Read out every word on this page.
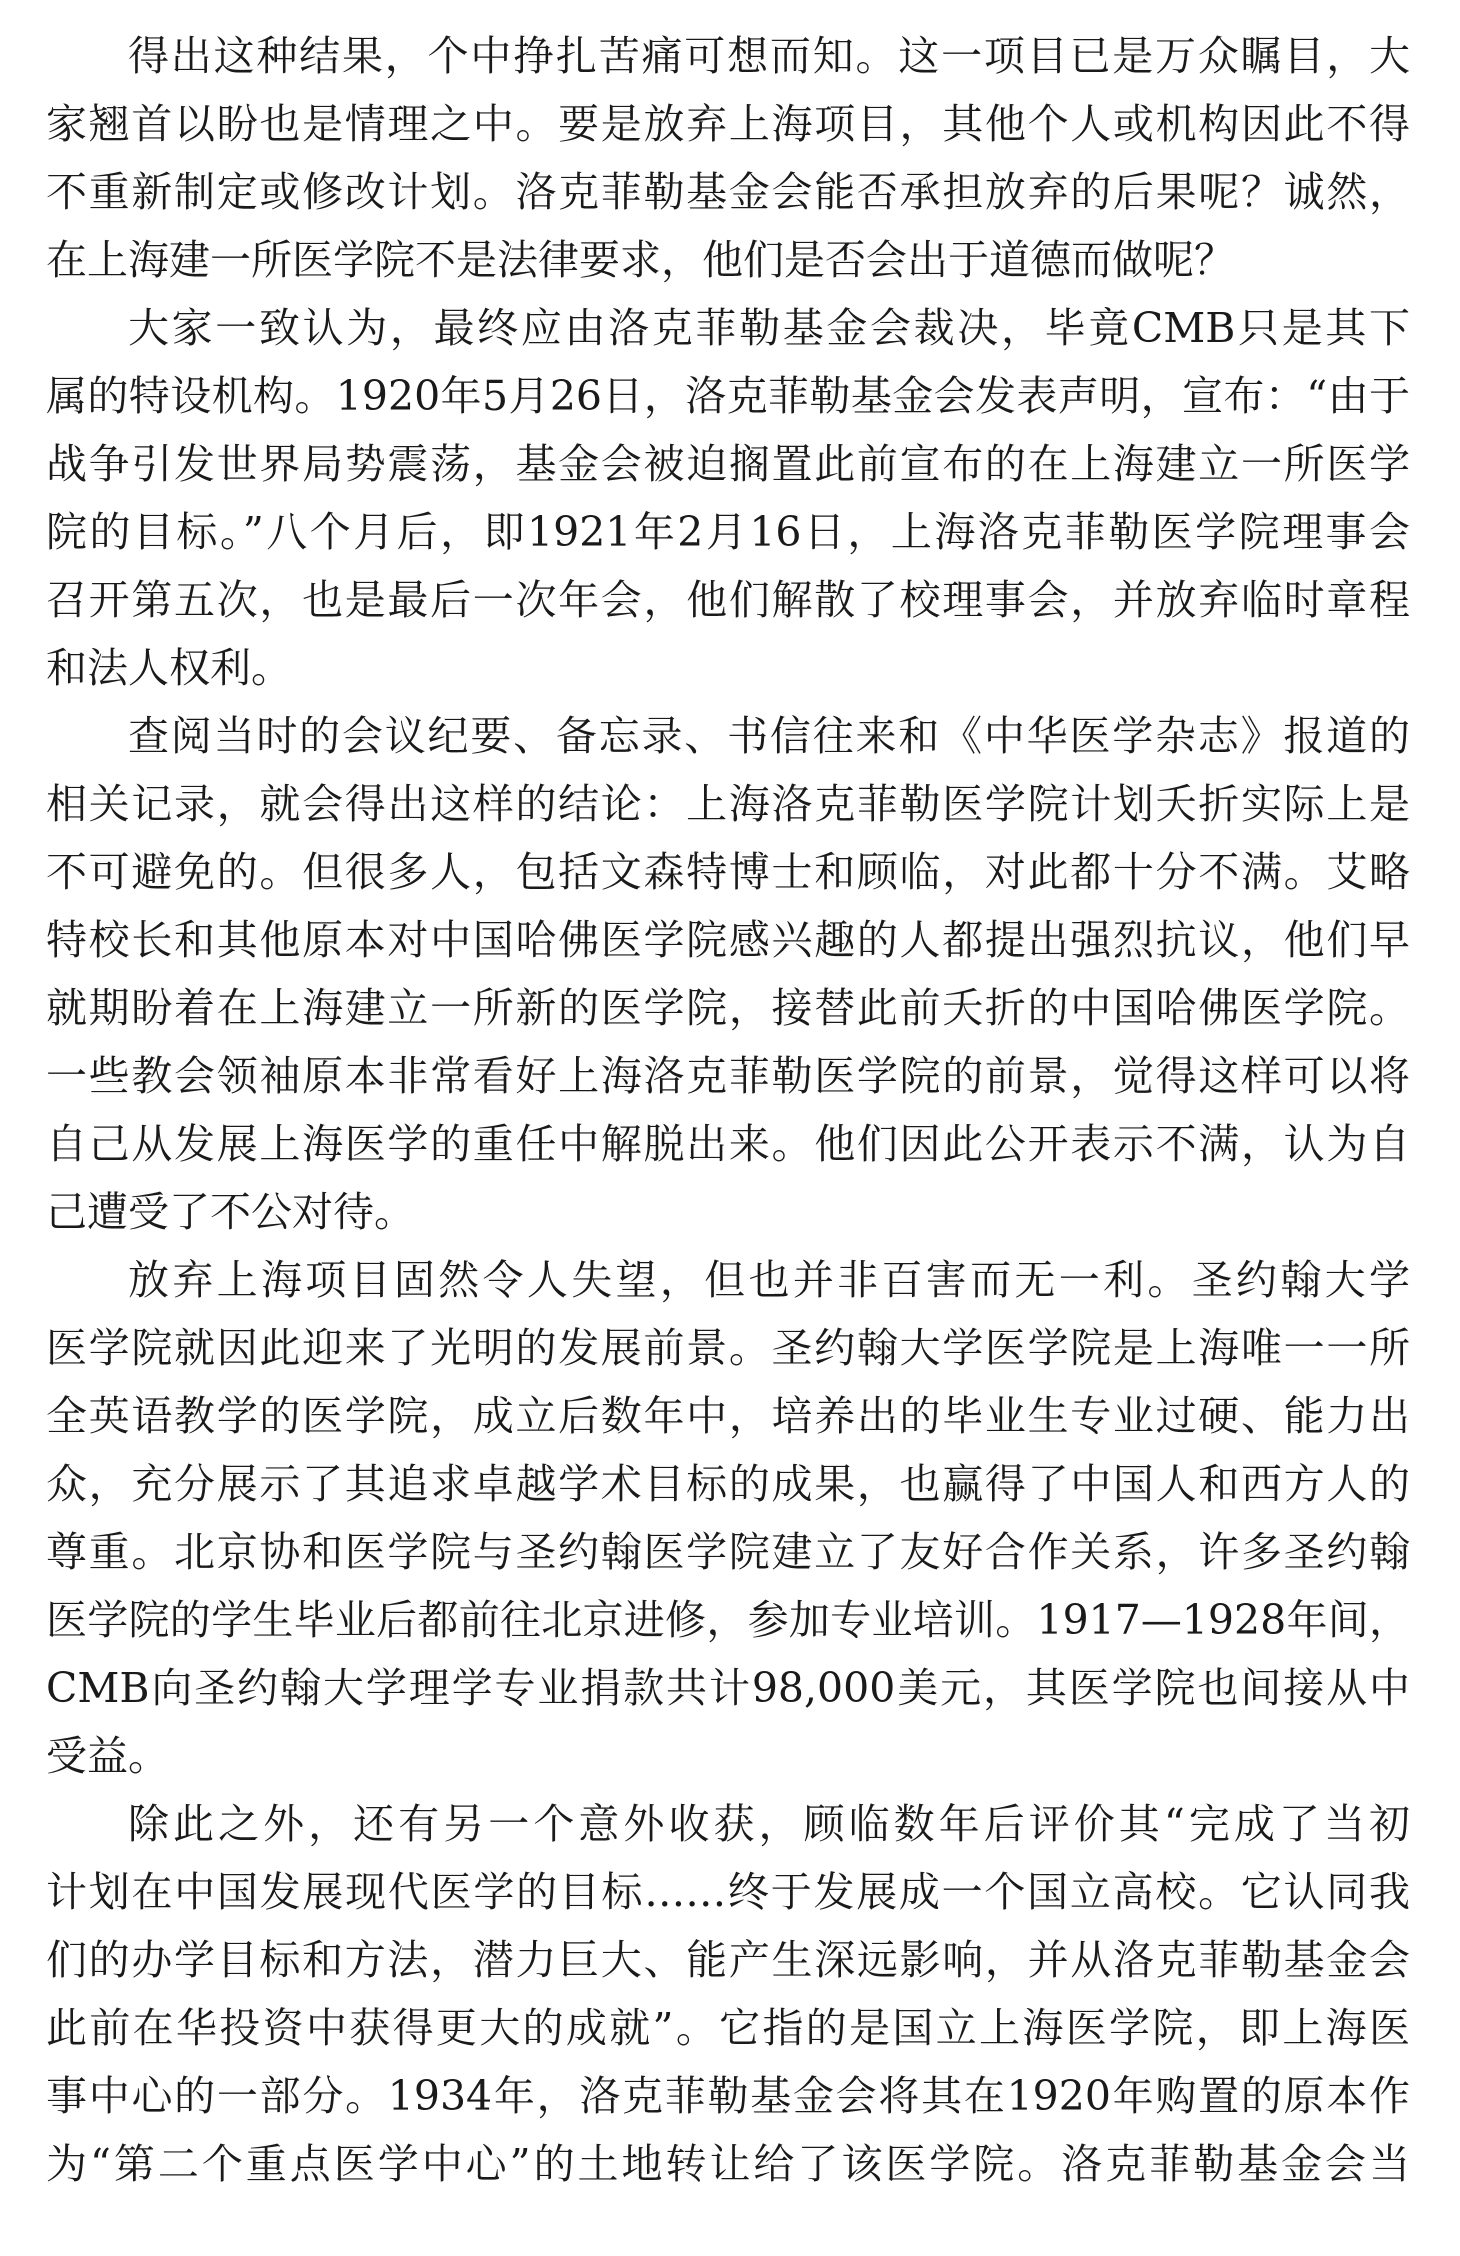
得出这种结果，个中挣扎苦痛可想而知。这一项目已是万众瞩目，大
家翘首以盼也是情理之中。要是放弃上海项目，其他个人或机构因此不得
不重新制定或修改计划。洛克菲勒基金会能否承担放弃的后果呢？诚然，
在上海建一所医学院不是法律要求，他们是否会出于道德而做呢？
大家一致认为，最终应由洛克菲勒基金会裁决，毕竟CMB只是其下
属的特设机构。1920年5月26日，洛克菲勒基金会发表声明，宣布：“由于
战争引发世界局势震荡，基金会被迫搁置此前宣布的在上海建立一所医学
院的目标。”八个月后，即1921年2月16日，上海洛克菲勒医学院理事会
召开第五次，也是最后一次年会，他们解散了校理事会，并放弃临时章程
和法人权利。
查阅当时的会议纪要、备忘录、书信往来和《中华医学杂志》报道的
相关记录，就会得出这样的结论：上海洛克菲勒医学院计划夭折实际上是
不可避免的。但很多人，包括文森特博士和顾临，对此都十分不满。艾略
特校长和其他原本对中国哈佛医学院感兴趣的人都提出强烈抗议，他们早
就期盼着在上海建立一所新的医学院，接替此前夭折的中国哈佛医学院。
一些教会领袖原本非常看好上海洛克菲勒医学院的前景，觉得这样可以将
自己从发展上海医学的重任中解脱出来。他们因此公开表示不满，认为自
己遭受了不公对待。
放弃上海项目固然令人失望，但也并非百害而无一利。圣约翰大学
医学院就因此迎来了光明的发展前景。圣约翰大学医学院是上海唯一一所
全英语教学的医学院，成立后数年中，培养出的毕业生专业过硬、能力出
众，充分展示了其追求卓越学术目标的成果，也赢得了中国人和西方人的
尊重。北京协和医学院与圣约翰医学院建立了友好合作关系，许多圣约翰
医学院的学生毕业后都前往北京进修，参加专业培训。1917—1928年间，
CMB向圣约翰大学理学专业捐款共计98,000美元，其医学院也间接从中
受益。
除此之外，还有另一个意外收获，顾临数年后评价其“完成了当初
计划在中国发展现代医学的目标……终于发展成一个国立高校。它认同我
们的办学目标和方法，潜力巨大、能产生深远影响，并从洛克菲勒基金会
此前在华投资中获得更大的成就”。它指的是国立上海医学院，即上海医
事中心的一部分。1934年，洛克菲勒基金会将其在1920年购置的原本作
为“第二个重点医学中心”的土地转让给了该医学院。洛克菲勒基金会当
